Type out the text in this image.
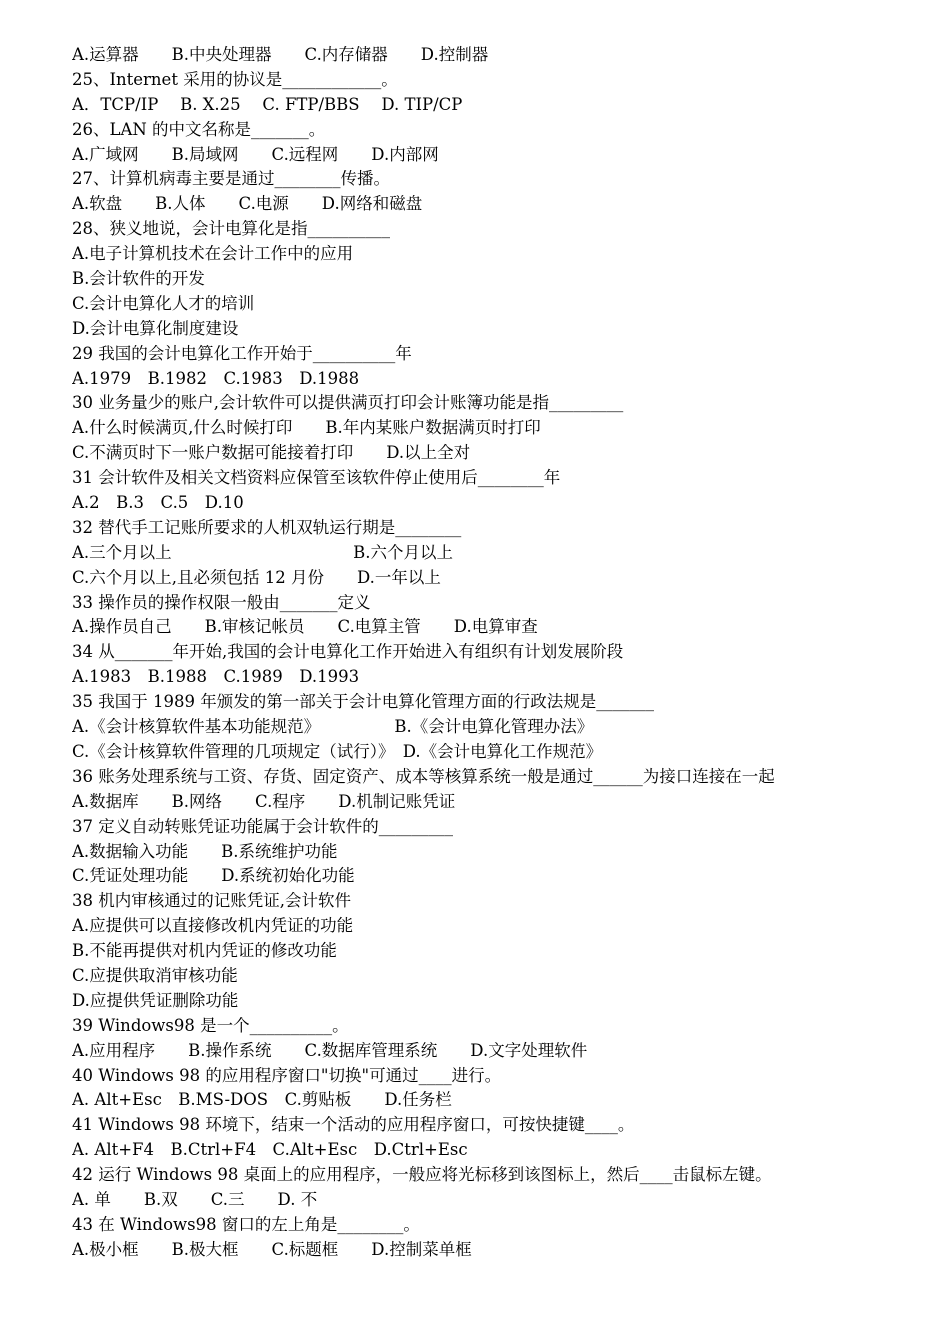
A.运算器　　B.中央处理器　　C.内存储器　　D.控制器
25、Internet 采用的协议是____________。
A．TCP/IP　 B. X.25　 C. FTP/BBS　 D. TIP/CP
26、LAN 的中文名称是_______。
A.广域网　　B.局域网　　C.远程网　　D.内部网
27、计算机病毒主要是通过________传播。
A.软盘　　B.人体　　C.电源　　D.网络和磁盘
28、狭义地说，会计电算化是指__________
A.电子计算机技术在会计工作中的应用
B.会计软件的开发
C.会计电算化人才的培训
D.会计电算化制度建设
29 我国的会计电算化工作开始于__________年
A.1979　B.1982　C.1983　D.1988
30 业务量少的账户,会计软件可以提供满页打印会计账簿功能是指_________
A.什么时候满页,什么时候打印　　B.年内某账户数据满页时打印
C.不满页时下一账户数据可能接着打印　　D.以上全对
31 会计软件及相关文档资料应保管至该软件停止使用后________年
A.2　B.3　C.5　D.10
32 替代手工记账所要求的人机双轨运行期是________
A.三个月以上　　　　　　　　　　　B.六个月以上
C.六个月以上,且必须包括 12 月份　　D.一年以上
33 操作员的操作权限一般由_______定义
A.操作员自己　　B.审核记帐员　　C.电算主管　　D.电算审查
34 从_______年开始,我国的会计电算化工作开始进入有组织有计划发展阶段
A.1983　B.1988　C.1989　D.1993
35 我国于 1989 年颁发的第一部关于会计电算化管理方面的行政法规是_______
A.《会计核算软件基本功能规范》　　　　　B.《会计电算化管理办法》
C.《会计核算软件管理的几项规定（试行）》　D.《会计电算化工作规范》
36 账务处理系统与工资、存货、固定资产、成本等核算系统一般是通过______为接口连接在一起
A.数据库　　B.网络　　C.程序　　D.机制记账凭证
37 定义自动转账凭证功能属于会计软件的_________
A.数据输入功能　　B.系统维护功能
C.凭证处理功能　　D.系统初始化功能
38 机内审核通过的记账凭证,会计软件
A.应提供可以直接修改机内凭证的功能
B.不能再提供对机内凭证的修改功能
C.应提供取消审核功能
D.应提供凭证删除功能
39 Windows98 是一个__________。
A.应用程序　　B.操作系统　　C.数据库管理系统　　D.文字处理软件
40 Windows 98 的应用程序窗口"切换"可通过____进行。
A. Alt+Esc　B.MS-DOS　C.剪贴板　　D.任务栏
41 Windows 98 环境下，结束一个活动的应用程序窗口，可按快捷键____。
A. Alt+F4　B.Ctrl+F4　C.Alt+Esc　D.Ctrl+Esc
42 运行 Windows 98 桌面上的应用程序，一般应将光标移到该图标上，然后____击鼠标左键。
A. 单　　B.双　　C.三　　D. 不
43 在 Windows98 窗口的左上角是________。
A.极小框　　B.极大框　　C.标题框　　D.控制菜单框
